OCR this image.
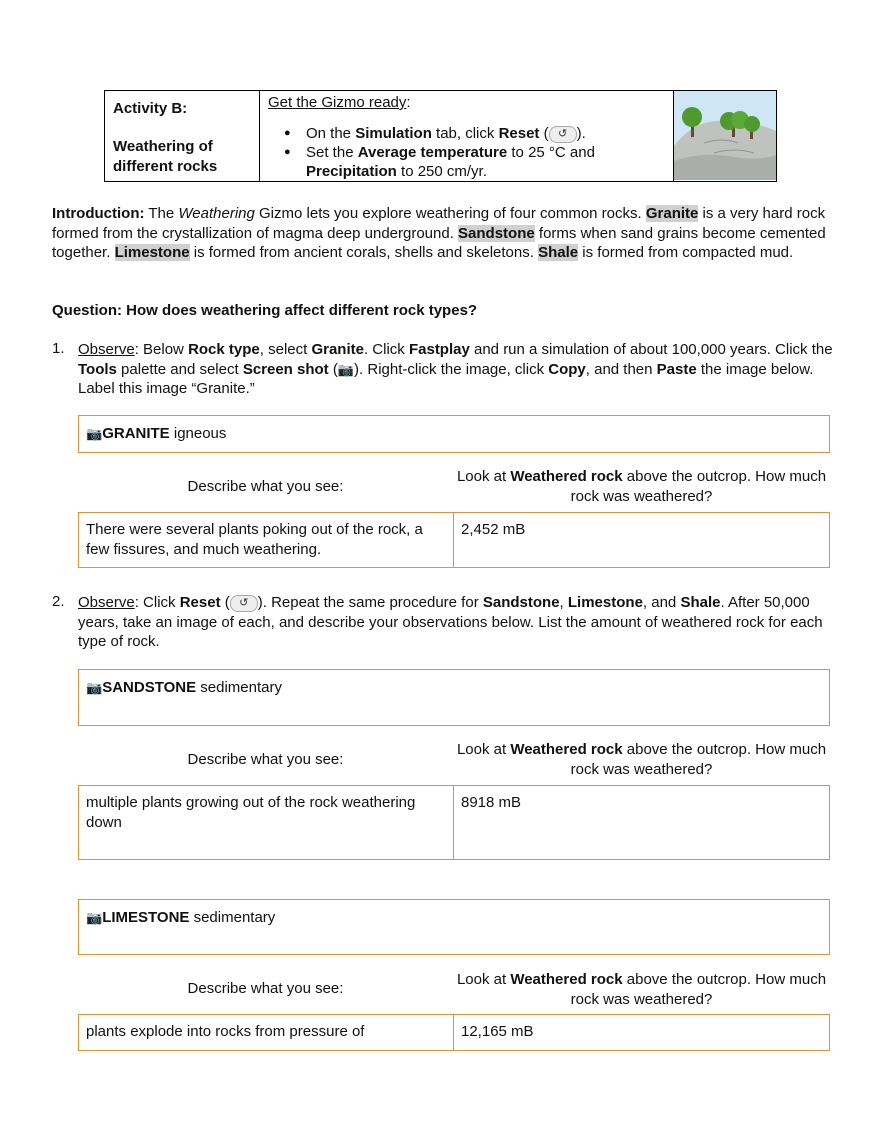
Activity B:
Weathering of
different rocks
Get the Gizmo ready:
● On the Simulation tab, click Reset ( ↺ ).
● Set the Average temperature to 25 °C and
Precipitation to 250 cm/yr.
Introduction: The Weathering Gizmo lets you explore weathering of four common rocks. Granite is a very hard rock formed from the crystallization of magma deep underground. Sandstone forms when sand grains become cemented together. Limestone is formed from ancient corals, shells and skeletons. Shale is formed from compacted mud.
Question: How does weathering affect different rock types?
1. Observe: Below Rock type, select Granite. Click Fastplay and run a simulation of about 100,000 years. Click the Tools palette and select Screen shot (📷). Right-click the image, click Copy, and then Paste the image below. Label this image “Granite.”
📷GRANITE igneous
Describe what you see:
Look at Weathered rock above the outcrop. How much rock was weathered?
There were several plants poking out of the rock, a few fissures, and much weathering.
2,452 mB
2. Observe: Click Reset ( ↺ ). Repeat the same procedure for Sandstone, Limestone, and Shale. After 50,000 years, take an image of each, and describe your observations below. List the amount of weathered rock for each type of rock.
📷SANDSTONE sedimentary
Describe what you see:
Look at Weathered rock above the outcrop. How much rock was weathered?
multiple plants growing out of the rock weathering down
8918 mB
📷LIMESTONE sedimentary
Describe what you see:
Look at Weathered rock above the outcrop. How much rock was weathered?
plants explode into rocks from pressure of	12,165 mB
